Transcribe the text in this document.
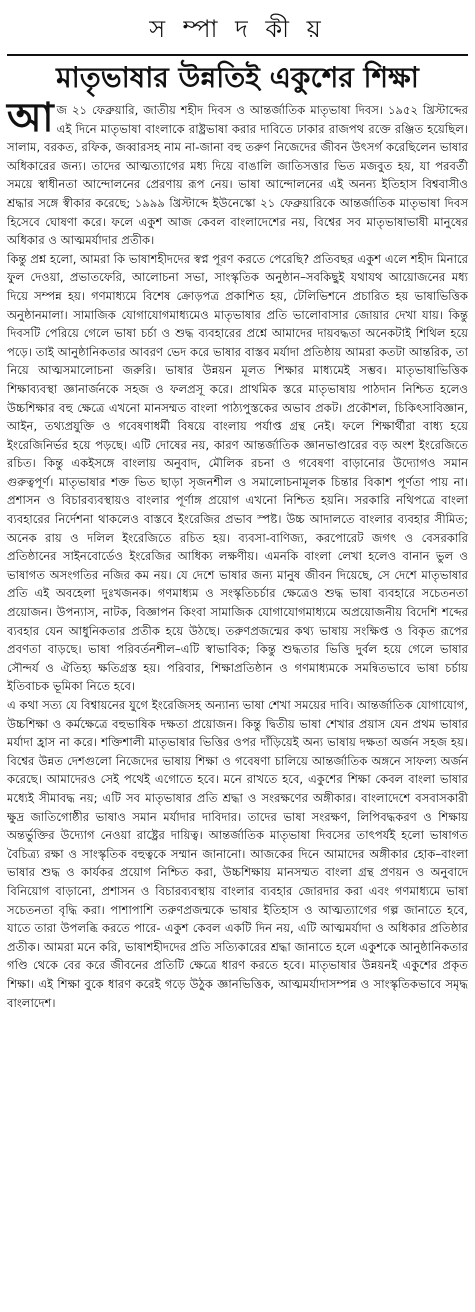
স ম্পা দ কী য়
মাতৃভাষার উন্নতিই একুশের শিক্ষা

আজ ২১ ফেব্রুয়ারি, জাতীয় শহীদ দিবস ও আন্তর্জাতিক মাতৃভাষা দিবস। ১৯৫২ খ্রিস্টাব্দের এই দিনে মাতৃভাষা বাংলাকে রাষ্ট্রভাষা করার দাবিতে ঢাকার রাজপথ রক্তে রঞ্জিত হয়েছিল। সালাম, বরকত, রফিক, জব্বারসহ নাম না-জানা বহু তরুণ নিজেদের জীবন উৎসর্গ করেছিলেন ভাষার অধিকারের জন্য। তাদের আত্মত্যাগের মধ্য দিয়ে বাঙালি জাতিসত্তার ভিত মজবুত হয়, যা পরবর্তী সময়ে স্বাধীনতা আন্দোলনের প্রেরণায় রূপ নেয়। ভাষা আন্দোলনের এই অনন্য ইতিহাস বিশ্ববাসীও শ্রদ্ধার সঙ্গে স্বীকার করেছে; ১৯৯৯ খ্রিস্টাব্দে ইউনেস্কো ২১ ফেব্রুয়ারিকে আন্তর্জাতিক মাতৃভাষা দিবস হিসেবে ঘোষণা করে। ফলে একুশ আজ কেবল বাংলাদেশের নয়, বিশ্বের সব মাতৃভাষাভাষী মানুষের অধিকার ও আত্মমর্যাদার প্রতীক।

কিন্তু প্রশ্ন হলো, আমরা কি ভাষাশহীদদের স্বপ্ন পূরণ করতে পেরেছি? প্রতিবছর একুশ এলে শহীদ মিনারে ফুল দেওয়া, প্রভাতফেরি, আলোচনা সভা, সাংস্কৃতিক অনুষ্ঠান–সবকিছুই যথাযথ আয়োজনের মধ্য দিয়ে সম্পন্ন হয়। গণমাধ্যমে বিশেষ ক্রোড়পত্র প্রকাশিত হয়, টেলিভিশনে প্রচারিত হয় ভাষাভিত্তিক অনুষ্ঠানমালা। সামাজিক যোগাযোগমাধ্যমেও মাতৃভাষার প্রতি ভালোবাসার জোয়ার দেখা যায়। কিন্তু দিবসটি পেরিয়ে গেলে ভাষা চর্চা ও শুদ্ধ ব্যবহারের প্রশ্নে আমাদের দায়বদ্ধতা অনেকটাই শিথিল হয়ে পড়ে। তাই আনুষ্ঠানিকতার আবরণ ভেদ করে ভাষার বাস্তব মর্যাদা প্রতিষ্ঠায় আমরা কতটা আন্তরিক, তা নিয়ে আত্মসমালোচনা জরুরি। ভাষার উন্নয়ন মূলত শিক্ষার মাধ্যমেই সম্ভব। মাতৃভাষাভিত্তিক শিক্ষাব্যবস্থা জ্ঞানার্জনকে সহজ ও ফলপ্রসূ করে। প্রাথমিক স্তরে মাতৃভাষায় পাঠদান নিশ্চিত হলেও উচ্চশিক্ষার বহু ক্ষেত্রে এখনো মানসম্মত বাংলা পাঠ্যপুস্তকের অভাব প্রকট। প্রকৌশল, চিকিৎসাবিজ্ঞান, আইন, তথ্যপ্রযুক্তি ও গবেষণাধর্মী বিষয়ে বাংলায় পর্যাপ্ত গ্রন্থ নেই। ফলে শিক্ষার্থীরা বাধ্য হয়ে ইংরেজিনির্ভর হয়ে পড়ছে। এটি দোষের নয়, কারণ আন্তর্জাতিক জ্ঞানভাণ্ডারের বড় অংশ ইংরেজিতে রচিত। কিন্তু একইসঙ্গে বাংলায় অনুবাদ, মৌলিক রচনা ও গবেষণা বাড়ানোর উদ্যোগও সমান গুরুত্বপূর্ণ। মাতৃভাষার শক্ত ভিত ছাড়া সৃজনশীল ও সমালোচনামূলক চিন্তার বিকাশ পূর্ণতা পায় না। প্রশাসন ও বিচারব্যবস্থায়ও বাংলার পূর্ণাঙ্গ প্রয়োগ এখনো নিশ্চিত হয়নি। সরকারি নথিপত্রে বাংলা ব্যবহারের নির্দেশনা থাকলেও বাস্তবে ইংরেজির প্রভাব স্পষ্ট। উচ্চ আদালতে বাংলার ব্যবহার সীমিত; অনেক রায় ও দলিল ইংরেজিতে রচিত হয়। ব্যবসা-বাণিজ্য, করপোরেট জগৎ ও বেসরকারি প্রতিষ্ঠানের সাইনবোর্ডেও ইংরেজির আধিক্য লক্ষণীয়। এমনকি বাংলা লেখা হলেও বানান ভুল ও ভাষাগত অসংগতির নজির কম নয়। যে দেশে ভাষার জন্য মানুষ জীবন দিয়েছে, সে দেশে মাতৃভাষার প্রতি এই অবহেলা দুঃখজনক। গণমাধ্যম ও সংস্কৃতিচর্চার ক্ষেত্রেও শুদ্ধ ভাষা ব্যবহারে সচেতনতা প্রয়োজন। উপন্যাস, নাটক, বিজ্ঞাপন কিংবা সামাজিক যোগাযোগমাধ্যমে অপ্রয়োজনীয় বিদেশি শব্দের ব্যবহার যেন আধুনিকতার প্রতীক হয়ে উঠছে। তরুণপ্রজন্মের কথ্য ভাষায় সংক্ষিপ্ত ও বিকৃত রূপের প্রবণতা বাড়ছে। ভাষা পরিবর্তনশীল–এটি স্বাভাবিক; কিন্তু শুদ্ধতার ভিত্তি দুর্বল হয়ে গেলে ভাষার সৌন্দর্য ও ঐতিহ্য ক্ষতিগ্রস্ত হয়। পরিবার, শিক্ষাপ্রতিষ্ঠান ও গণমাধ্যমকে সমন্বিতভাবে ভাষা চর্চায় ইতিবাচক ভূমিকা নিতে হবে।

এ কথা সত্য যে বিশ্বায়নের যুগে ইংরেজিসহ অন্যান্য ভাষা শেখা সময়ের দাবি। আন্তর্জাতিক যোগাযোগ, উচ্চশিক্ষা ও কর্মক্ষেত্রে বহুভাষিক দক্ষতা প্রয়োজন। কিন্তু দ্বিতীয় ভাষা শেখার প্রয়াস যেন প্রথম ভাষার মর্যাদা হ্রাস না করে। শক্তিশালী মাতৃভাষার ভিত্তির ওপর দাঁড়িয়েই অন্য ভাষায় দক্ষতা অর্জন সহজ হয়। বিশ্বের উন্নত দেশগুলো নিজেদের ভাষায় শিক্ষা ও গবেষণা চালিয়ে আন্তর্জাতিক অঙ্গনে সাফল্য অর্জন করেছে। আমাদেরও সেই পথেই এগোতে হবে। মনে রাখতে হবে, একুশের শিক্ষা কেবল বাংলা ভাষার মধ্যেই সীমাবদ্ধ নয়; এটি সব মাতৃভাষার প্রতি শ্রদ্ধা ও সংরক্ষণের অঙ্গীকার। বাংলাদেশে বসবাসকারী ক্ষুদ্র জাতিগোষ্ঠীর ভাষাও সমান মর্যাদার দাবিদার। তাদের ভাষা সংরক্ষণ, লিপিবদ্ধকরণ ও শিক্ষায় অন্তর্ভুক্তির উদ্যোগ নেওয়া রাষ্ট্রের দায়িত্ব। আন্তর্জাতিক মাতৃভাষা দিবসের তাৎপর্যই হলো ভাষাগত বৈচিত্র্য রক্ষা ও সাংস্কৃতিক বহুত্বকে সম্মান জানানো। আজকের দিনে আমাদের অঙ্গীকার হোক–বাংলা ভাষার শুদ্ধ ও কার্যকর প্রয়োগ নিশ্চিত করা, উচ্চশিক্ষায় মানসম্মত বাংলা গ্রন্থ প্রণয়ন ও অনুবাদে বিনিয়োগ বাড়ানো, প্রশাসন ও বিচারব্যবস্থায় বাংলার ব্যবহার জোরদার করা এবং গণমাধ্যমে ভাষা সচেতনতা বৃদ্ধি করা। পাশাপাশি তরুণপ্রজন্মকে ভাষার ইতিহাস ও আত্মত্যাগের গল্প জানাতে হবে, যাতে তারা উপলব্ধি করতে পারে- একুশ কেবল একটি দিন নয়, এটি আত্মমর্যাদা ও অধিকার প্রতিষ্ঠার প্রতীক। আমরা মনে করি, ভাষাশহীদদের প্রতি সত্যিকারের শ্রদ্ধা জানাতে হলে একুশকে আনুষ্ঠানিকতার গণ্ডি থেকে বের করে জীবনের প্রতিটি ক্ষেত্রে ধারণ করতে হবে। মাতৃভাষার উন্নয়নই একুশের প্রকৃত শিক্ষা। এই শিক্ষা বুকে ধারণ করেই গড়ে উঠুক জ্ঞানভিত্তিক, আত্মমর্যাদাসম্পন্ন ও সাংস্কৃতিকভাবে সমৃদ্ধ বাংলাদেশ।
